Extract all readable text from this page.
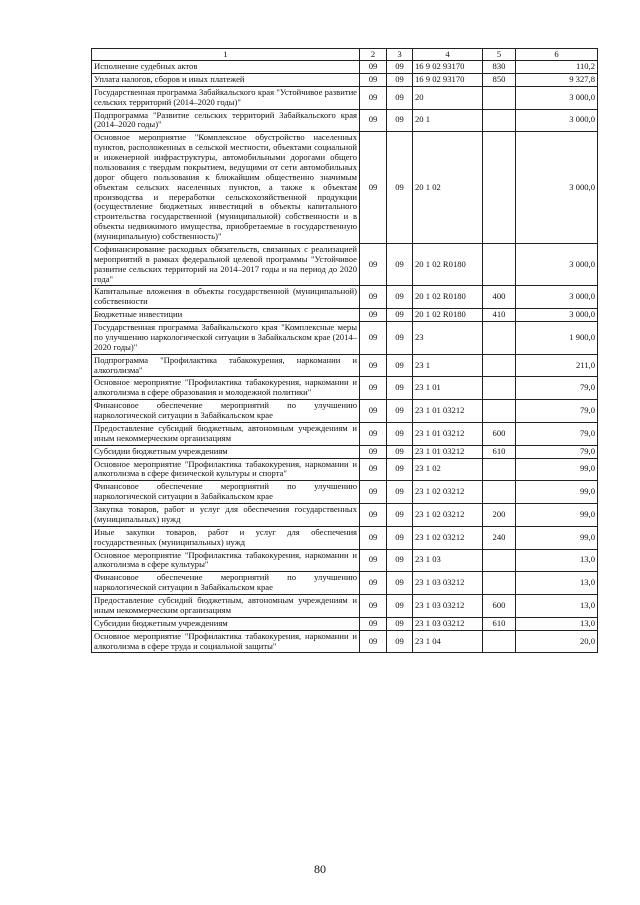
1	2	3	4	5	6
Исполнение судебных актов	09	09	16 9 02 93170	830	110,2
Уплата налогов, сборов и иных платежей	09	09	16 9 02 93170	850	9 327,8
Государственная программа Забайкальского края "Устойчивое развитие сельских территорий (2014–2020 годы)"	09	09	20		3 000,0
Подпрограмма "Развитие сельских территорий Забайкальского края (2014–2020 годы)"	09	09	20 1		3 000,0
Основное мероприятие "Комплексное обустройство населенных пунктов, расположенных в сельской местности, объектами социальной и инженерной инфраструктуры, автомобильными дорогами общего пользования с твердым покрытием, ведущими от сети автомобильных дорог общего пользования к ближайшим общественно значимым объектам сельских населенных пунктов, а также к объектам производства и переработки сельскохозяйственной продукции (осуществление бюджетных инвестиций в объекты капитального строительства государственной (муниципальной) собственности и в объекты недвижимого имущества, приобретаемые в государственную (муниципальную) собственность)"	09	09	20 1 02		3 000,0
Софинансирование расходных обязательств, связанных с реализацией мероприятий в рамках федеральной целевой программы "Устойчивое развитие сельских территорий на 2014–2017 годы и на период до 2020 года"	09	09	20 1 02 R0180		3 000,0
Капитальные вложения в объекты государственной (муниципальной) собственности	09	09	20 1 02 R0180	400	3 000,0
Бюджетные инвестиции	09	09	20 1 02 R0180	410	3 000,0
Государственная программа Забайкальского края "Комплексные меры по улучшению наркологической ситуации в Забайкальском крае (2014–2020 годы)"	09	09	23		1 900,0
Подпрограмма "Профилактика табакокурения, наркомании и алкоголизма"	09	09	23 1		211,0
Основное мероприятие "Профилактика табакокурения, наркомании и алкоголизма в сфере образования и молодежной политики"	09	09	23 1 01		79,0
Финансовое обеспечение мероприятий по улучшению наркологической ситуации в Забайкальском крае	09	09	23 1 01 03212		79,0
Предоставление субсидий бюджетным, автономным учреждениям и иным некоммерческим организациям	09	09	23 1 01 03212	600	79,0
Субсидии бюджетным учреждениям	09	09	23 1 01 03212	610	79,0
Основное мероприятие "Профилактика табакокурения, наркомании и алкоголизма в сфере физической культуры и спорта"	09	09	23 1 02		99,0
Финансовое обеспечение мероприятий по улучшению наркологической ситуации в Забайкальском крае	09	09	23 1 02 03212		99,0
Закупка товаров, работ и услуг для обеспечения государственных (муниципальных) нужд	09	09	23 1 02 03212	200	99,0
Иные закупки товаров, работ и услуг для обеспечения государственных (муниципальных) нужд	09	09	23 1 02 03212	240	99,0
Основное мероприятие "Профилактика табакокурения, наркомании и алкоголизма в сфере культуры"	09	09	23 1 03		13,0
Финансовое обеспечение мероприятий по улучшению наркологической ситуации в Забайкальском крае	09	09	23 1 03 03212		13,0
Предоставление субсидий бюджетным, автономным учреждениям и иным некоммерческим организациям	09	09	23 1 03 03212	600	13,0
Субсидии бюджетным учреждениям	09	09	23 1 03 03212	610	13,0
Основное мероприятие "Профилактика табакокурения, наркомании и алкоголизма в сфере труда и социальной защиты"	09	09	23 1 04		20,0
80
